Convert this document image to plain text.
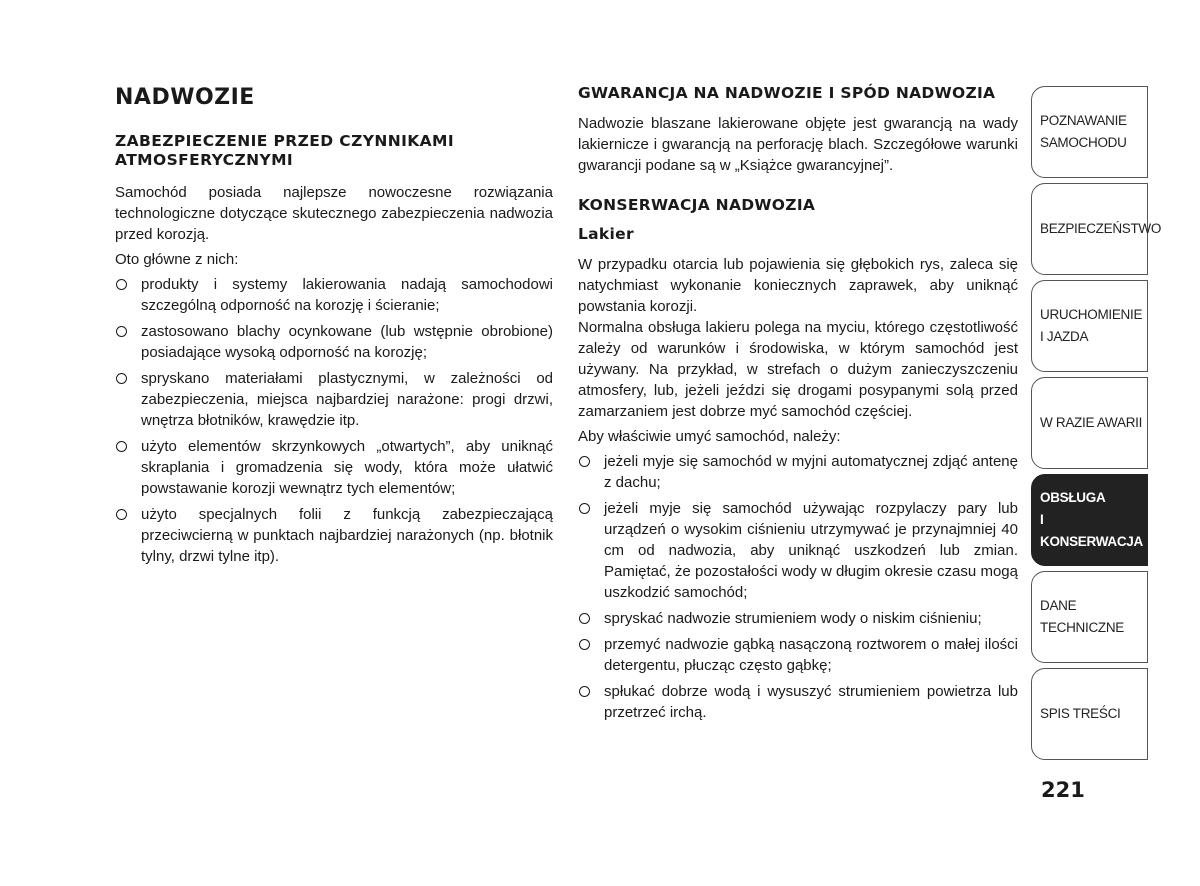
NADWOZIE
ZABEZPIECZENIE PRZED CZYNNIKAMI ATMOSFERYCZNYMI

Samochód posiada najlepsze nowoczesne rozwiązania technologiczne dotyczące skutecznego zabezpieczenia nadwozia przed korozją.

Oto główne z nich:

produkty i systemy lakierowania nadają samochodowi szczególną odporność na korozję i ścieranie;
zastosowano blachy ocynkowane (lub wstępnie obrobione) posiadające wysoką odporność na korozję;
spryskano materiałami plastycznymi, w zależności od zabezpieczenia, miejsca najbardziej narażone: progi drzwi, wnętrza błotników, krawędzie itp.
użyto elementów skrzynkowych „otwartych”, aby uniknąć skraplania i gromadzenia się wody, która może ułatwić powstawanie korozji wewnątrz tych elementów;
użyto specjalnych folii z funkcją zabezpieczającą przeciwcierną w punktach najbardziej narażonych (np. błotnik tylny, drzwi tylne itp).
GWARANCJA NA NADWOZIE I SPÓD NADWOZIA

Nadwozie blaszane lakierowane objęte jest gwarancją na wady lakiernicze i gwarancją na perforację blach. Szczegółowe warunki gwarancji podane są w „Książce gwarancyjnej”.

KONSERWACJA NADWOZIA
Lakier

W przypadku otarcia lub pojawienia się głębokich rys, zaleca się natychmiast wykonanie koniecznych zaprawek, aby uniknąć powstania korozji.

Normalna obsługa lakieru polega na myciu, którego częstotliwość zależy od warunków i środowiska, w którym samochód jest używany. Na przykład, w strefach o dużym zanieczyszczeniu atmosfery, lub, jeżeli jeździ się drogami posypanymi solą przed zamarzaniem jest dobrze myć samochód częściej.

Aby właściwie umyć samochód, należy:

jeżeli myje się samochód w myjni automatycznej zdjąć antenę z dachu;
jeżeli myje się samochód używając rozpylaczy pary lub urządzeń o wysokim ciśnieniu utrzymywać je przynajmniej 40 cm od nadwozia, aby uniknąć uszkodzeń lub zmian. Pamiętać, że pozostałości wody w długim okresie czasu mogą uszkodzić samochód;
spryskać nadwozie strumieniem wody o niskim ciśnieniu;
przemyć nadwozie gąbką nasączoną roztworem o małej ilości detergentu, płucząc często gąbkę;
spłukać dobrze wodą i wysuszyć strumieniem powietrza lub przetrzeć irchą.
POZNAWANIE
SAMOCHODU
BEZPIECZEŃSTWO
URUCHOMIENIE
I JAZDA
W RAZIE AWARII
OBSŁUGA
I KONSERWACJA
DANE
TECHNICZNE
SPIS TREŚCI
221
